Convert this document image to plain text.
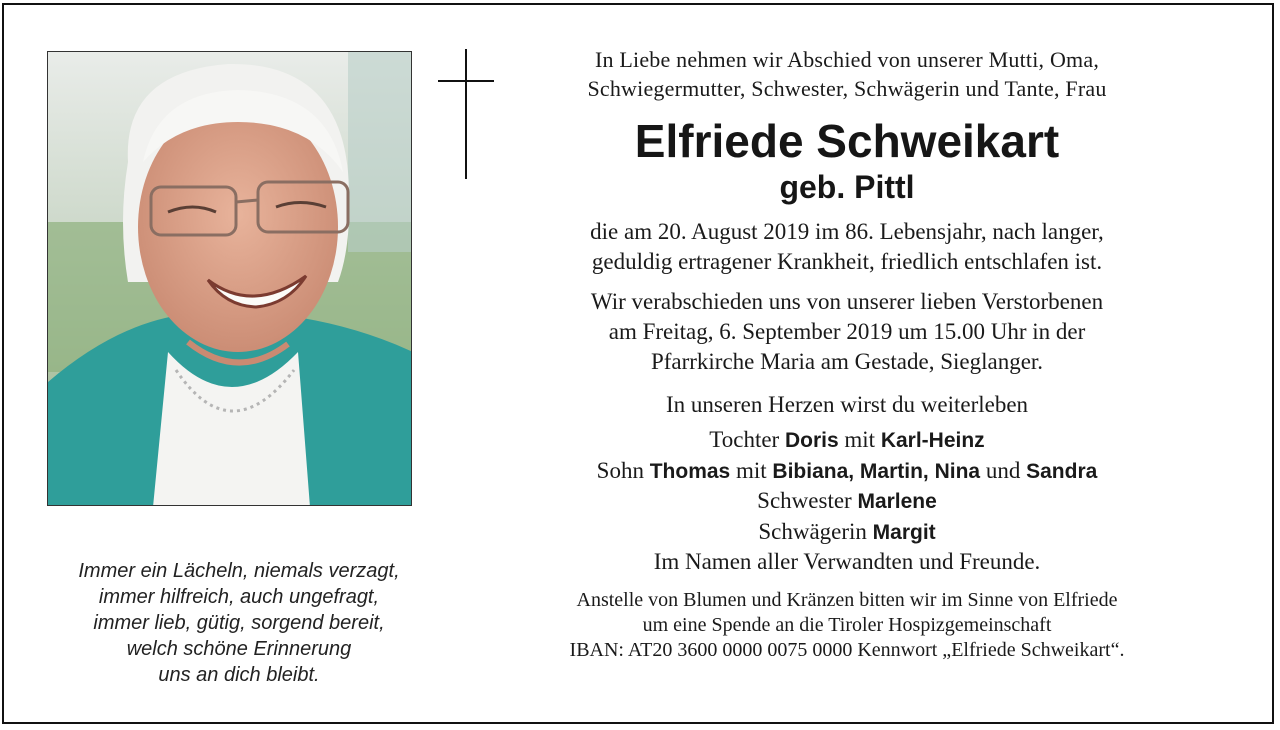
Immer ein Lächeln, niemals verzagt,
immer hilfreich, auch ungefragt,
immer lieb, gütig, sorgend bereit,
welch schöne Erinnerung
uns an dich bleibt.

In Liebe nehmen wir Abschied von unserer Mutti, Oma,

Schwiegermutter, Schwester, Schwägerin und Tante, Frau

Elfriede Schweikart

geb. Pittl

die am 20. August 2019 im 86. Lebensjahr, nach langer,
geduldig ertragener Krankheit, friedlich entschlafen ist.
Wir verabschieden uns von unserer lieben Verstorbenen
am Freitag, 6. September 2019 um 15.00 Uhr in der
Pfarrkirche Maria am Gestade, Sieglanger.

In unseren Herzen wirst du weiterleben

Tochter Doris mit Karl-Heinz
Sohn Thomas mit Bibiana, Martin, Nina und Sandra
Schwester Marlene
Schwägerin Margit
Im Namen aller Verwandten und Freunde.
Anstelle von Blumen und Kränzen bitten wir im Sinne von Elfriede
um eine Spende an die Tiroler Hospizgemeinschaft
IBAN: AT20 3600 0000 0075 0000 Kennwort „Elfriede Schweikart“.
